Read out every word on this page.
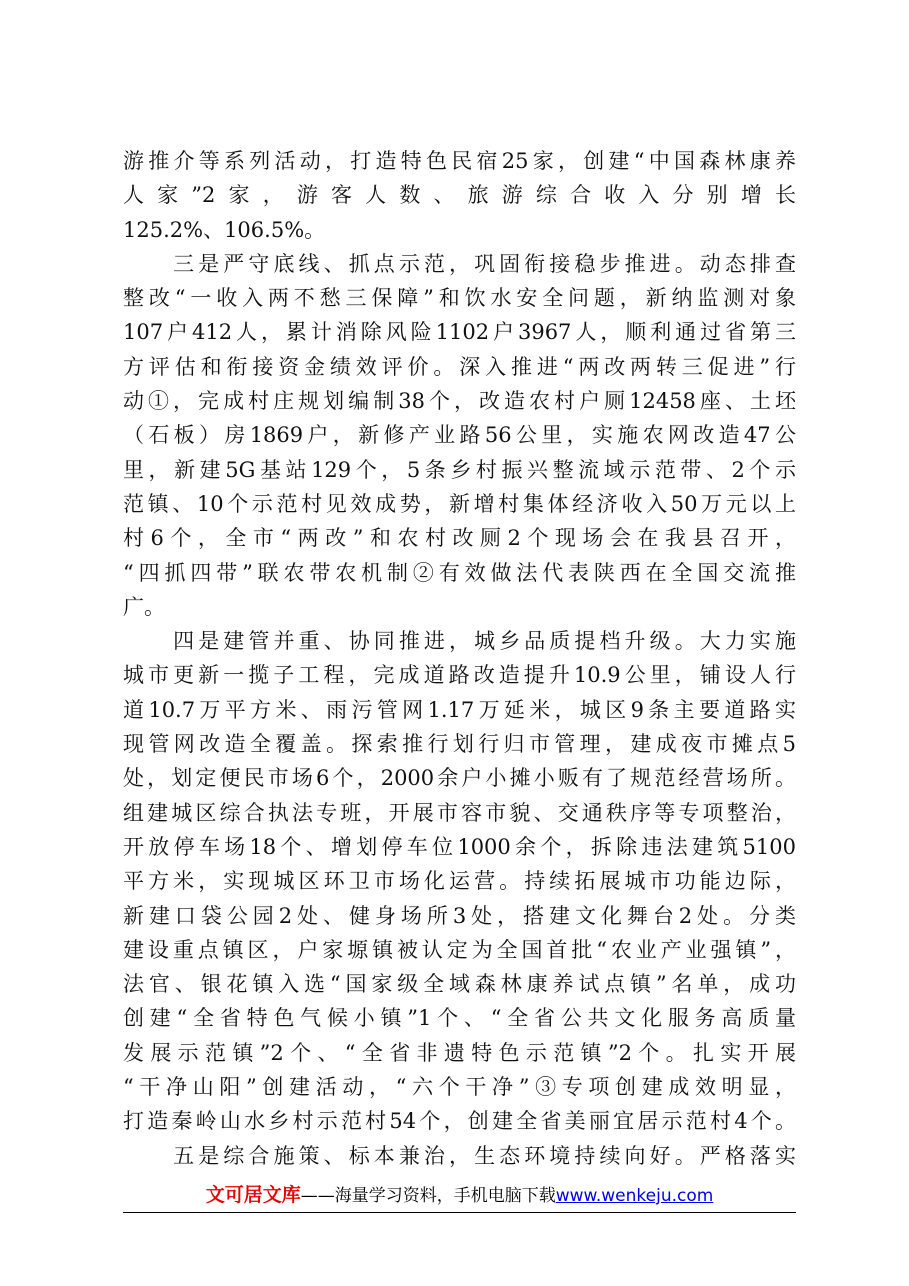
游推介等系列活动，打造特色民宿25家，创建“中国森林康养
人家”2家，游客人数、旅游综合收入分别增长
125.2%、106.5%。
　　三是严守底线、抓点示范，巩固衔接稳步推进。动态排查
整改“一收入两不愁三保障”和饮水安全问题，新纳监测对象
107户412人，累计消除风险1102户3967人，顺利通过省第三
方评估和衔接资金绩效评价。深入推进“两改两转三促进”行
动①，完成村庄规划编制38个，改造农村户厕12458座、土坯
（石板）房1869户，新修产业路56公里，实施农网改造47公
里，新建5G基站129个，5条乡村振兴整流域示范带、2个示
范镇、10个示范村见效成势，新增村集体经济收入50万元以上
村6个，全市“两改”和农村改厕2个现场会在我县召开，
“四抓四带”联农带农机制②有效做法代表陕西在全国交流推
广。
　　四是建管并重、协同推进，城乡品质提档升级。大力实施
城市更新一揽子工程，完成道路改造提升10.9公里，铺设人行
道10.7万平方米、雨污管网1.17万延米，城区9条主要道路实
现管网改造全覆盖。探索推行划行归市管理，建成夜市摊点5
处，划定便民市场6个，2000余户小摊小贩有了规范经营场所。
组建城区综合执法专班，开展市容市貌、交通秩序等专项整治，
开放停车场18个、增划停车位1000余个，拆除违法建筑5100
平方米，实现城区环卫市场化运营。持续拓展城市功能边际，
新建口袋公园2处、健身场所3处，搭建文化舞台2处。分类
建设重点镇区，户家塬镇被认定为全国首批“农业产业强镇”，
法官、银花镇入选“国家级全域森林康养试点镇”名单，成功
创建“全省特色气候小镇”1个、“全省公共文化服务高质量
发展示范镇”2个、“全省非遗特色示范镇”2个。扎实开展
“干净山阳”创建活动，“六个干净”③专项创建成效明显，
打造秦岭山水乡村示范村54个，创建全省美丽宜居示范村4个。
　　五是综合施策、标本兼治，生态环境持续向好。严格落实
文可居文库——海量学习资料，手机电脑下载www.wenkeju.com
